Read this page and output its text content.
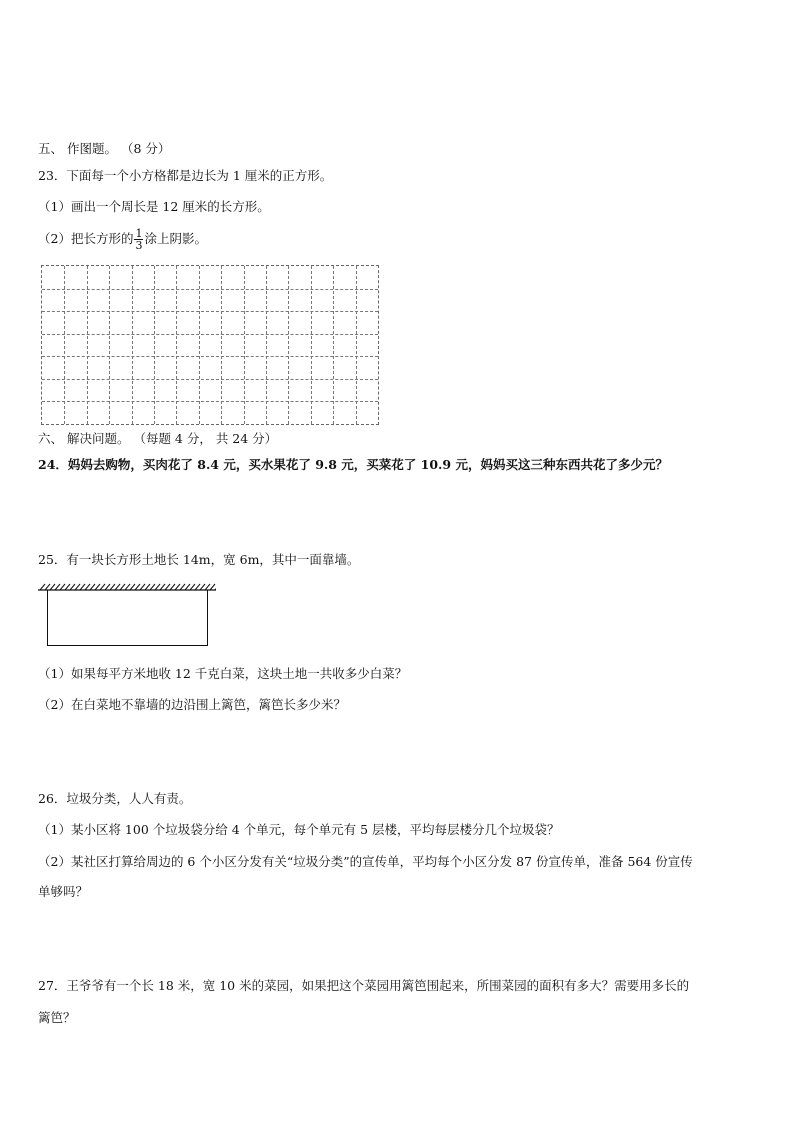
五、 作图题。 （8 分）
23．下面每一个小方格都是边长为 1 厘米的正方形。
（1）画出一个周长是 12 厘米的长方形。
（2）把长方形的 $\frac{1}{3}$ 涂上阴影。
六、 解决问题。 （每题 4 分， 共 24 分）
24．妈妈去购物，买肉花了 8.4 元，买水果花了 9.8 元，买菜花了 10.9 元，妈妈买这三种东西共花了多少元？
25．有一块长方形土地长 14m，宽 6m，其中一面靠墙。
（1）如果每平方米地收 12 千克白菜，这块土地一共收多少白菜？
（2）在白菜地不靠墙的边沿围上篱笆，篱笆长多少米？
26．垃圾分类，人人有责。
（1）某小区将 100 个垃圾袋分给 4 个单元，每个单元有 5 层楼，平均每层楼分几个垃圾袋？
（2）某社区打算给周边的 6 个小区分发有关“垃圾分类”的宣传单，平均每个小区分发 87 份宣传单，准备 564 份宣传
单够吗？
27．王爷爷有一个长 18 米，宽 10 米的菜园，如果把这个菜园用篱笆围起来，所围菜园的面积有多大？需要用多长的
篱笆？
